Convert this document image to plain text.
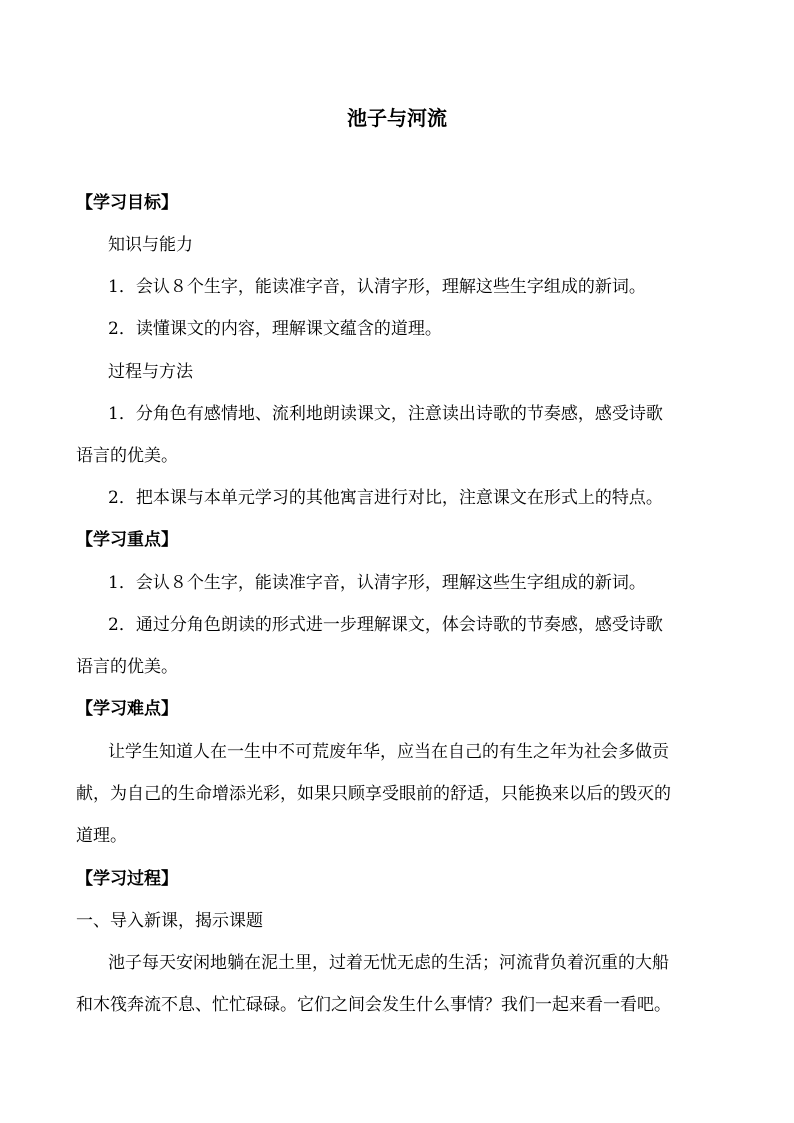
池子与河流
【学习目标】
知识与能力
1．会认８个生字，能读准字音，认清字形，理解这些生字组成的新词。
2．读懂课文的内容，理解课文蕴含的道理。
过程与方法
1．分角色有感情地、流利地朗读课文，注意读出诗歌的节奏感，感受诗歌
语言的优美。
2．把本课与本单元学习的其他寓言进行对比，注意课文在形式上的特点。
【学习重点】
1．会认８个生字，能读准字音，认清字形，理解这些生字组成的新词。
2．通过分角色朗读的形式进一步理解课文，体会诗歌的节奏感，感受诗歌
语言的优美。
【学习难点】
让学生知道人在一生中不可荒废年华，应当在自己的有生之年为社会多做贡
献，为自己的生命增添光彩，如果只顾享受眼前的舒适，只能换来以后的毁灭的
道理。
【学习过程】
一、导入新课，揭示课题
池子每天安闲地躺在泥土里，过着无忧无虑的生活；河流背负着沉重的大船
和木筏奔流不息、忙忙碌碌。它们之间会发生什么事情？我们一起来看一看吧。
